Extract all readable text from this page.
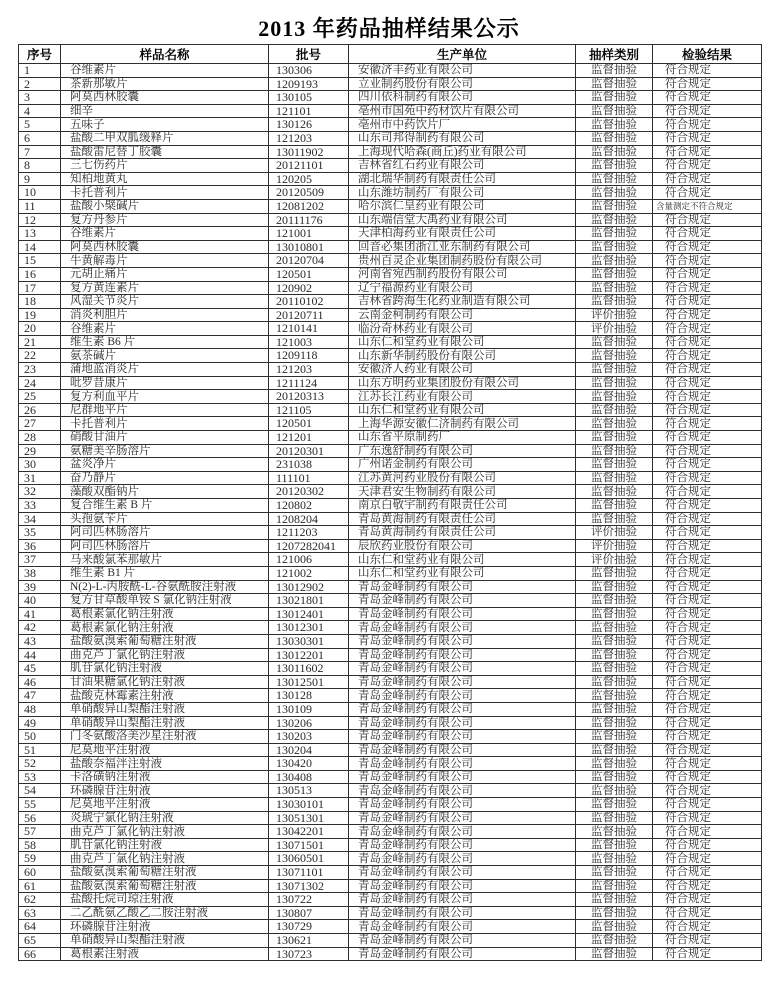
2013 年药品抽样结果公示
序号	样品名称	批号	生产单位	抽样类别	检验结果
1	谷维素片	130306	安徽济丰药业有限公司	监督抽验	符合规定
2	茶新那敏片	1209193	立业制药股份有限公司	监督抽验	符合规定
3	阿莫西林胶囊	130105	四川依科制药有限公司	监督抽验	符合规定
4	细辛	121101	亳州市国苑中药材饮片有限公司	监督抽验	符合规定
5	五味子	130126	亳州市中药饮片厂	监督抽验	符合规定
6	盐酸二甲双胍缓释片	121203	山东司邦得制药有限公司	监督抽验	符合规定
7	盐酸雷尼替丁胶囊	13011902	上海现代哈森(商丘)药业有限公司	监督抽验	符合规定
8	三七伤药片	20121101	吉林省红石药业有限公司	监督抽验	符合规定
9	知柏地黄丸	120205	湖北瑞华制药有限责任公司	监督抽验	符合规定
10	卡托普利片	20120509	山东潍坊制药厂有限公司	监督抽验	符合规定
11	盐酸小檗碱片	12081202	哈尔滨仁皇药业有限公司	监督抽验	含量测定不符合规定
12	复方丹参片	20111176	山东端信堂大禹药业有限公司	监督抽验	符合规定
13	谷维素片	121001	天津柏海药业有限责任公司	监督抽验	符合规定
14	阿莫西林胶囊	13010801	回音必集团浙江亚东制药有限公司	监督抽验	符合规定
15	牛黄解毒片	20120704	贵州百灵企业集团制药股份有限公司	监督抽验	符合规定
16	元胡止痛片	120501	河南省宛西制药股份有限公司	监督抽验	符合规定
17	复方黄连素片	120902	辽宁福源药业有限公司	监督抽验	符合规定
18	风湿关节炎片	20110102	吉林省跨海生化药业制造有限公司	监督抽验	符合规定
19	消炎利胆片	20120711	云南金柯制药有限公司	评价抽验	符合规定
20	谷维素片	1210141	临汾奇林药业有限公司	评价抽验	符合规定
21	维生素 B6 片	121003	山东仁和堂药业有限公司	监督抽验	符合规定
22	氨茶碱片	1209118	山东新华制药股份有限公司	监督抽验	符合规定
23	蒲地蓝消炎片	121203	安徽济人药业有限公司	监督抽验	符合规定
24	吡罗昔康片	1211124	山东方明药业集团股份有限公司	监督抽验	符合规定
25	复方利血平片	20120313	江苏长江药业有限公司	监督抽验	符合规定
26	尼群地平片	121105	山东仁和堂药业有限公司	监督抽验	符合规定
27	卡托普利片	120501	上海华源安徽仁济制药有限公司	监督抽验	符合规定
28	硝酸甘油片	121201	山东省平原制药厂	监督抽验	符合规定
29	氨糖美辛肠溶片	20120301	广东逸舒制药有限公司	监督抽验	符合规定
30	盆炎净片	231038	广州诺金制药有限公司	监督抽验	符合规定
31	奋乃静片	111101	江苏黄河药业股份有限公司	监督抽验	符合规定
32	藻酸双酯钠片	20120302	天津君安生物制药有限公司	监督抽验	符合规定
33	复合维生素 B 片	120802	南京白敬宇制药有限责任公司	监督抽验	符合规定
34	头孢氨苄片	1208204	青岛黄海制药有限责任公司	监督抽验	符合规定
35	阿司匹林肠溶片	1211203	青岛黄海制药有限责任公司	评价抽验	符合规定
36	阿司匹林肠溶片	1207282041	辰欣药业股份有限公司	评价抽验	符合规定
37	马来酸氯苯那敏片	121006	山东仁和堂药业有限公司	评价抽验	符合规定
38	维生素 B1 片	121002	山东仁和堂药业有限公司	监督抽验	符合规定
39	N(2)-L-丙胺酰-L-谷氨酰胺注射液	13012902	青岛金峰制药有限公司	监督抽验	符合规定
40	复方甘草酸单铵 S 氯化钠注射液	13021801	青岛金峰制药有限公司	监督抽验	符合规定
41	葛根素氯化钠注射液	13012401	青岛金峰制药有限公司	监督抽验	符合规定
42	葛根素氯化钠注射液	13012301	青岛金峰制药有限公司	监督抽验	符合规定
43	盐酸氨溴索葡萄糖注射液	13030301	青岛金峰制药有限公司	监督抽验	符合规定
44	曲克芦丁氯化钠注射液	13012201	青岛金峰制药有限公司	监督抽验	符合规定
45	肌苷氯化钠注射液	13011602	青岛金峰制药有限公司	监督抽验	符合规定
46	甘油果糖氯化钠注射液	13012501	青岛金峰制药有限公司	监督抽验	符合规定
47	盐酸克林霉素注射液	130128	青岛金峰制药有限公司	监督抽验	符合规定
48	单硝酸异山梨酯注射液	130109	青岛金峰制药有限公司	监督抽验	符合规定
49	单硝酸异山梨酯注射液	130206	青岛金峰制药有限公司	监督抽验	符合规定
50	门冬氨酸洛美沙星注射液	130203	青岛金峰制药有限公司	监督抽验	符合规定
51	尼莫地平注射液	130204	青岛金峰制药有限公司	监督抽验	符合规定
52	盐酸奈福泮注射液	130420	青岛金峰制药有限公司	监督抽验	符合规定
53	卡洛磺钠注射液	130408	青岛金峰制药有限公司	监督抽验	符合规定
54	环磷腺苷注射液	130513	青岛金峰制药有限公司	监督抽验	符合规定
55	尼莫地平注射液	13030101	青岛金峰制药有限公司	监督抽验	符合规定
56	炎琥宁氯化钠注射液	13051301	青岛金峰制药有限公司	监督抽验	符合规定
57	曲克芦丁氯化钠注射液	13042201	青岛金峰制药有限公司	监督抽验	符合规定
58	肌苷氯化钠注射液	13071501	青岛金峰制药有限公司	监督抽验	符合规定
59	曲克芦丁氯化钠注射液	13060501	青岛金峰制药有限公司	监督抽验	符合规定
60	盐酸氨溴索葡萄糖注射液	13071101	青岛金峰制药有限公司	监督抽验	符合规定
61	盐酸氨溴索葡萄糖注射液	13071302	青岛金峰制药有限公司	监督抽验	符合规定
62	盐酸托烷司琼注射液	130722	青岛金峰制药有限公司	监督抽验	符合规定
63	二乙酰氨乙酸乙二胺注射液	130807	青岛金峰制药有限公司	监督抽验	符合规定
64	环磷腺苷注射液	130729	青岛金峰制药有限公司	监督抽验	符合规定
65	单硝酸异山梨酯注射液	130621	青岛金峰制药有限公司	监督抽验	符合规定
66	葛根素注射液	130723	青岛金峰制药有限公司	监督抽验	符合规定
